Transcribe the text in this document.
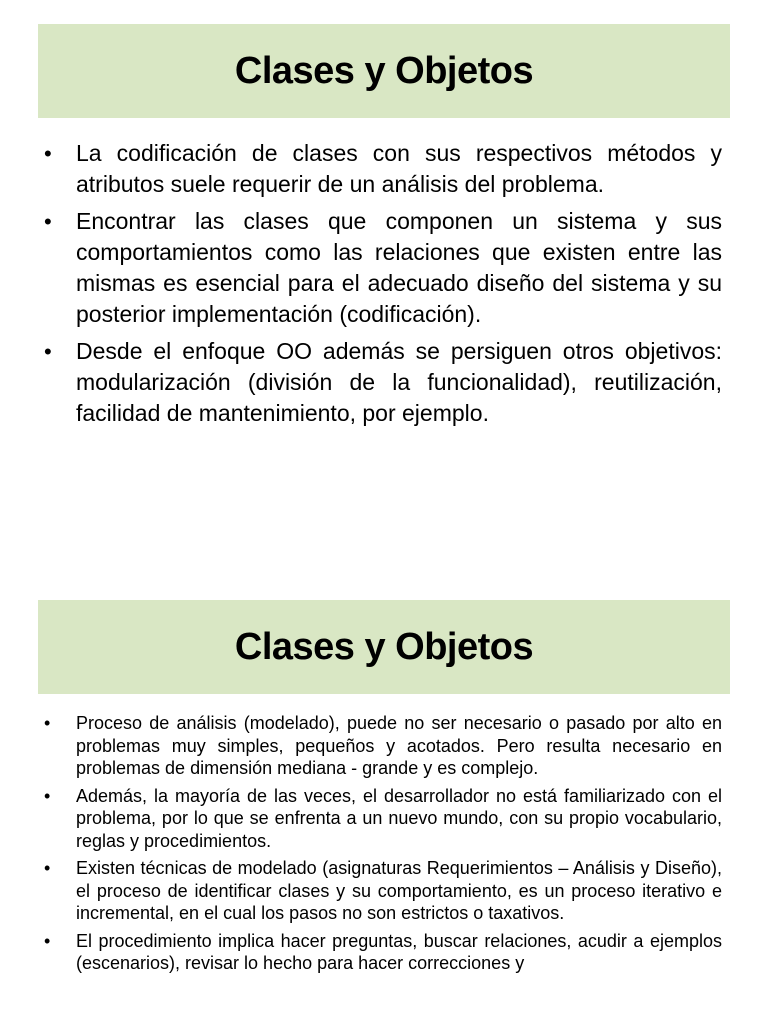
Clases y Objetos
• La codificación de clases con sus respectivos métodos y atributos suele requerir de un análisis del problema.
• Encontrar las clases que componen un sistema y sus comportamientos como las relaciones que existen entre las mismas es esencial para el adecuado diseño del sistema y su posterior implementación (codificación).
• Desde el enfoque OO además se persiguen otros objetivos: modularización (división de la funcionalidad), reutilización, facilidad de mantenimiento, por ejemplo.
Clases y Objetos
• Proceso de análisis (modelado), puede no ser necesario o pasado por alto en problemas muy simples, pequeños y acotados. Pero resulta necesario en problemas de dimensión mediana - grande y es complejo.
• Además, la mayoría de las veces, el desarrollador no está familiarizado con el problema, por lo que se enfrenta a un nuevo mundo, con su propio vocabulario, reglas y procedimientos.
• Existen técnicas de modelado (asignaturas Requerimientos – Análisis y Diseño), el proceso de identificar clases y su comportamiento, es un proceso iterativo e incremental, en el cual los pasos no son estrictos o taxativos.
• El procedimiento implica hacer preguntas, buscar relaciones, acudir a ejemplos (escenarios), revisar lo hecho para hacer correcciones y
